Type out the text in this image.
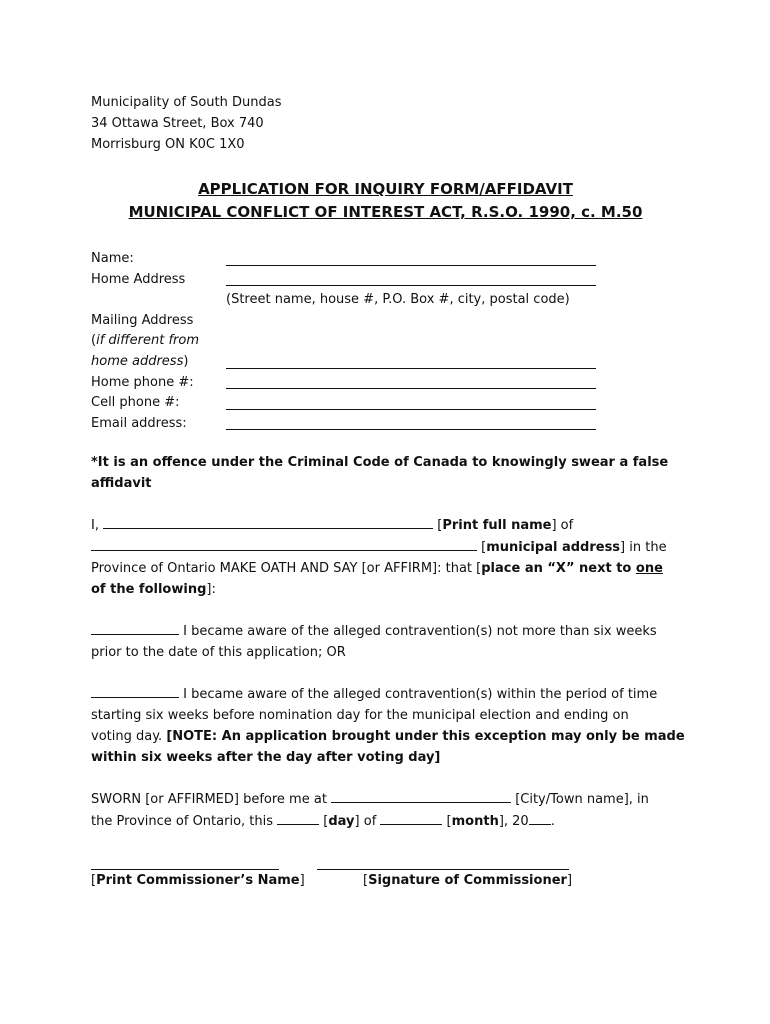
Municipality of South Dundas
34 Ottawa Street, Box 740
Morrisburg ON K0C 1X0
APPLICATION FOR INQUIRY FORM/AFFIDAVIT
MUNICIPAL CONFLICT OF INTEREST ACT, R.S.O. 1990, c. M.50
Name:
Home Address
(Street name, house #, P.O. Box #, city, postal code)
Mailing Address
(if different from
home address)
Home phone #:
Cell phone #:
Email address:
*It is an offence under the Criminal Code of Canada to knowingly swear a false
affidavit
I,	[Print full name] of
[municipal address] in the
Province of Ontario MAKE OATH AND SAY [or AFFIRM]: that [place an “X” next to one
of the following]:
I became aware of the alleged contravention(s) not more than six weeks
prior to the date of this application; OR
I became aware of the alleged contravention(s) within the period of time
starting six weeks before nomination day for the municipal election and ending on
voting day. [NOTE: An application brought under this exception may only be made
within six weeks after the day after voting day]
SWORN [or AFFIRMED] before me at	[City/Town name], in
the Province of Ontario, this	[day] of	[month], 20 .
[Print Commissioner’s Name]	[Signature of Commissioner]
